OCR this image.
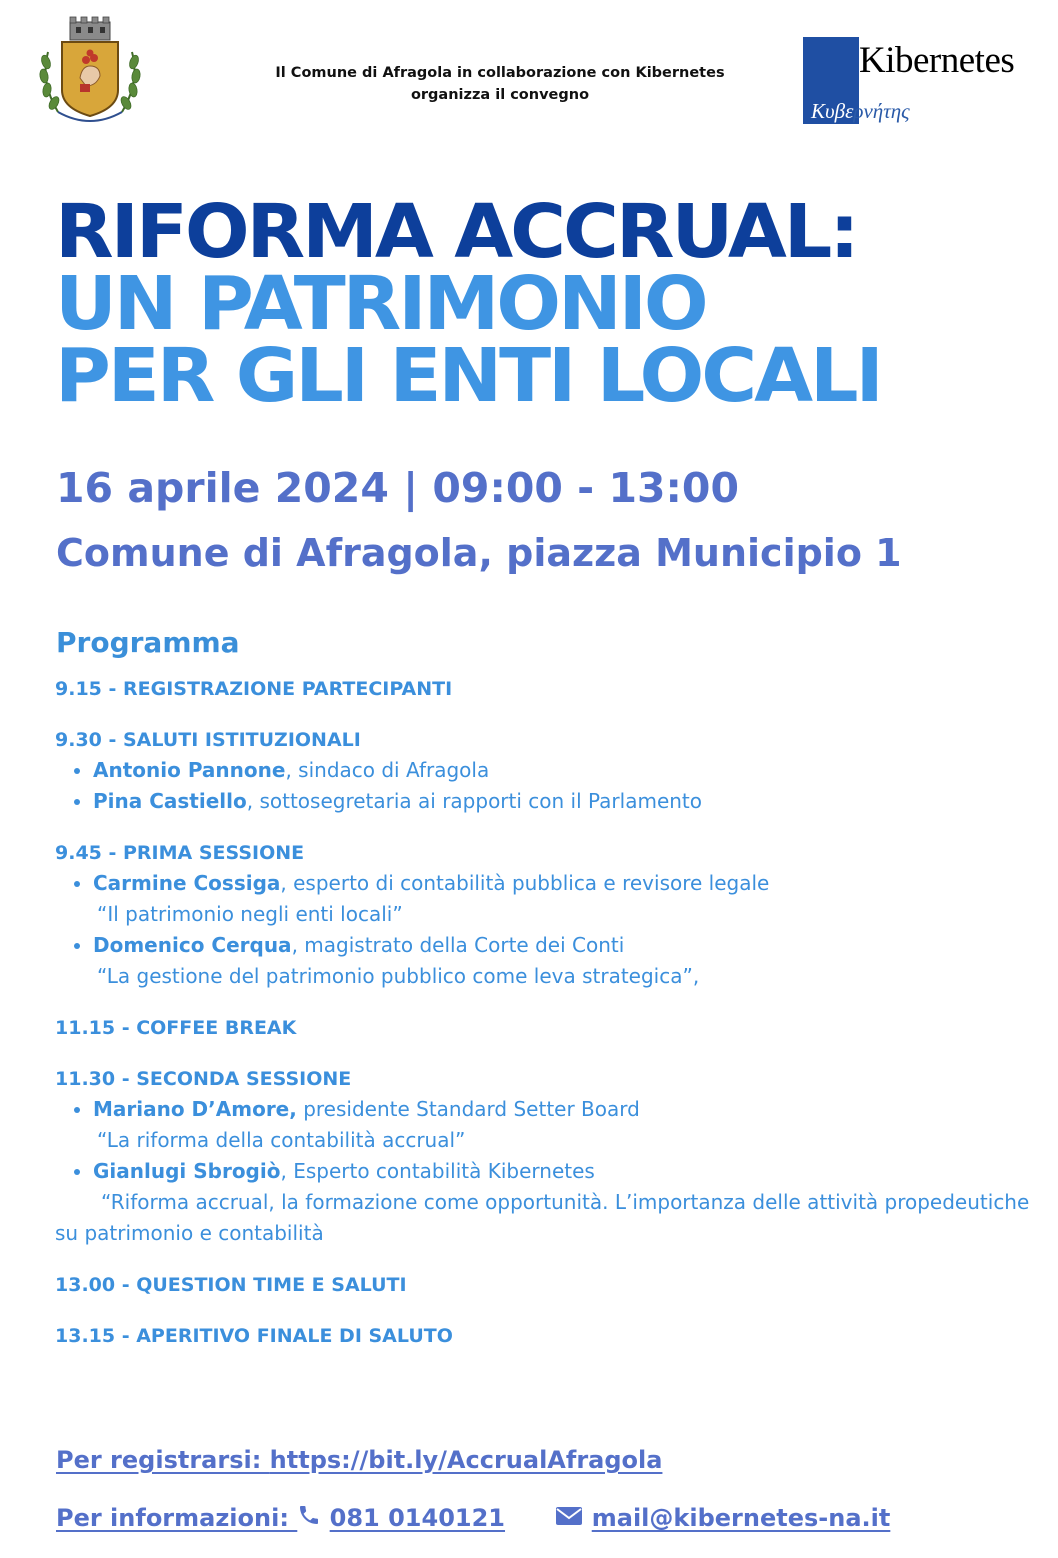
Il Comune di Afragola in collaborazione con Kibernetes
organizza il convegno
Kibernetes
Κυβερνήτης
RIFORMA ACCRUAL:
UN PATRIMONIO
PER GLI ENTI LOCALI
16 aprile 2024 | 09:00 - 13:00
Comune di Afragola, piazza Municipio 1
Programma
9.15 - REGISTRAZIONE PARTECIPANTI
9.30 - SALUTI ISTITUZIONALI
Antonio Pannone, sindaco di Afragola
Pina Castiello, sottosegretaria ai rapporti con il Parlamento
9.45 - PRIMA SESSIONE
Carmine Cossiga, esperto di contabilità pubblica e revisore legale
“Il patrimonio negli enti locali”
Domenico Cerqua, magistrato della Corte dei Conti
“La gestione del patrimonio pubblico come leva strategica”,
11.15 - COFFEE BREAK
11.30 - SECONDA SESSIONE
Mariano D’Amore, presidente Standard Setter Board
“La riforma della contabilità accrual”
Gianlugi Sbrogiò, Esperto contabilità Kibernetes
“Riforma accrual, la formazione come opportunità. L’importanza delle attività propedeutiche su patrimonio e contabilità
13.00 - QUESTION TIME E SALUTI
13.15 - APERITIVO FINALE DI SALUTO
Per registrarsi: https://bit.ly/AccrualAfragola
Per informazioni:  081 0140121	mail@kibernetes-na.it
